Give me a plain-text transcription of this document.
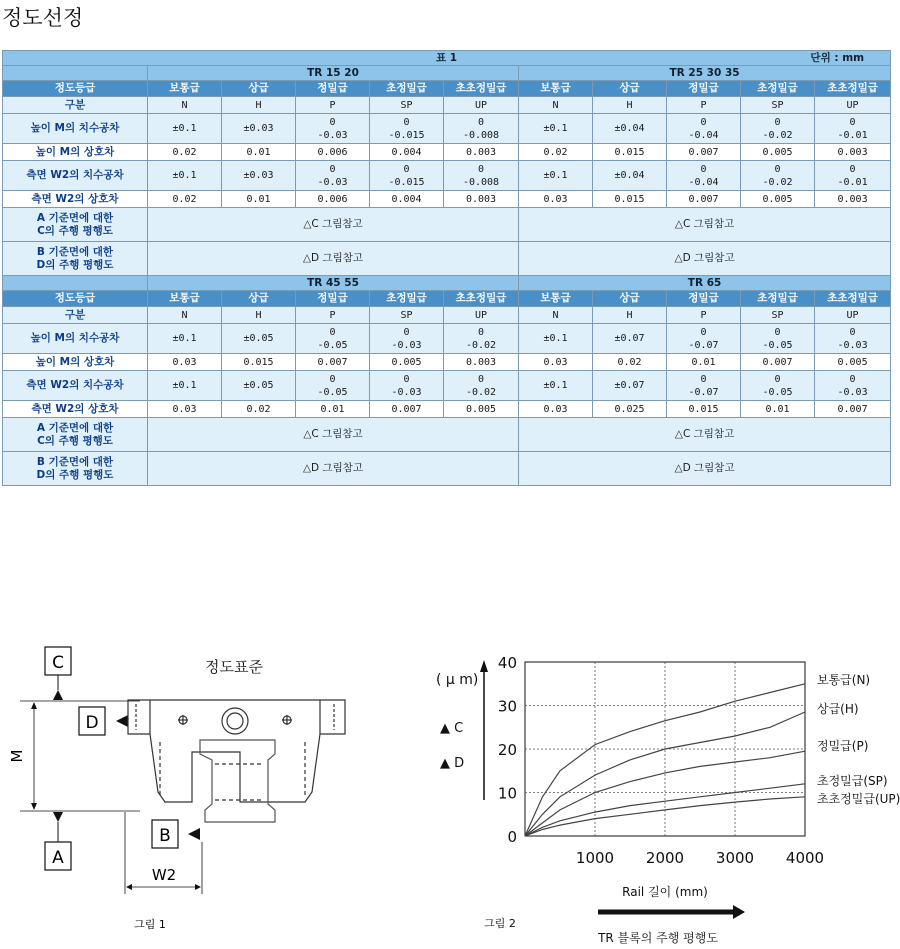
정도선정
표 1 단위 : mm										

	TR 15 20					TR 25 30 35				
정도등급	보통급	상급	정밀급	초정밀급	초초정밀급	보통급	상급	정밀급	초정밀급	초초정밀급
구분	N	H	P	SP	UP	N	H	P	SP	UP
높이 M의 치수공차	±0.1	±0.03	0
-0.03	0
-0.015	0
-0.008	±0.1	±0.04	0
-0.04	0
-0.02	0
-0.01
높이 M의 상호차	0.02	0.01	0.006	0.004	0.003	0.02	0.015	0.007	0.005	0.003
측면 W2의 치수공차	±0.1	±0.03	0
-0.03	0
-0.015	0
-0.008	±0.1	±0.04	0
-0.04	0
-0.02	0
-0.01
측면 W2의 상호차	0.02	0.01	0.006	0.004	0.003	0.03	0.015	0.007	0.005	0.003
A 기준면에 대한
C의 주행 평행도	△C 그림참고					△C 그림참고				
B 기준면에 대한
D의 주행 평행도	△D 그림참고					△D 그림참고				
	TR 45 55					TR 65				
정도등급	보통급	상급	정밀급	초정밀급	초초정밀급	보통급	상급	정밀급	초정밀급	초초정밀급
구분	N	H	P	SP	UP	N	H	P	SP	UP
높이 M의 치수공차	±0.1	±0.05	0
-0.05	0
-0.03	0
-0.02	±0.1	±0.07	0
-0.07	0
-0.05	0
-0.03
높이 M의 상호차	0.03	0.015	0.007	0.005	0.003	0.03	0.02	0.01	0.007	0.005
측면 W2의 치수공차	±0.1	±0.05	0
-0.05	0
-0.03	0
-0.02	±0.1	±0.07	0
-0.07	0
-0.05	0
-0.03
측면 W2의 상호차	0.03	0.02	0.01	0.007	0.005	0.03	0.025	0.015	0.01	0.007
A 기준면에 대한
C의 주행 평행도	△C 그림참고					△C 그림참고				
B 기준면에 대한
D의 주행 평행도	△D 그림참고					△D 그림참고				
정도표준
C
M
D
A
B
W2
그림 1
( μ m)
▲ C
▲ D
0
10
20
30
40
1000 2000 3000 4000
보통급(N)
상급(H)
정밀급(P)
초정밀급(SP)
초초정밀급(UP)
Rail 길이 (mm)
그림 2
TR 블록의 주행 평행도
